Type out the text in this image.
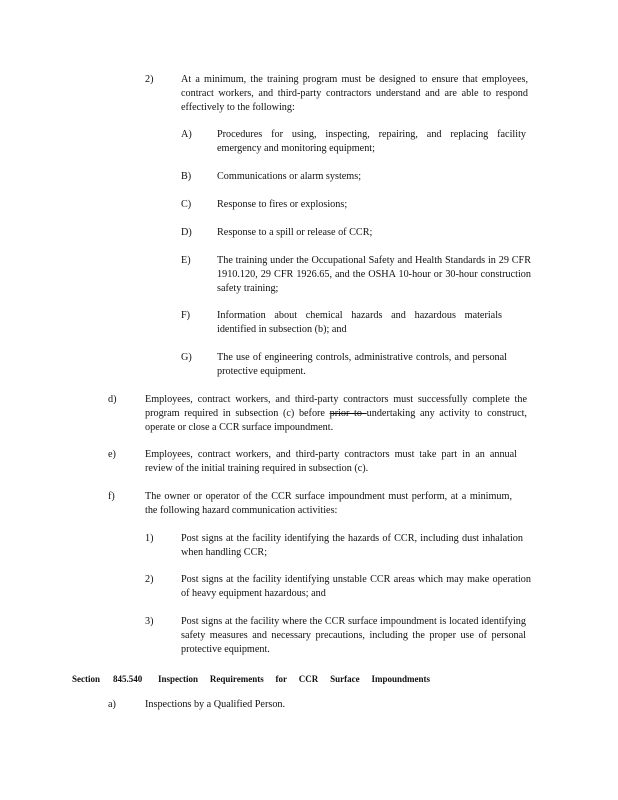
2)	At a minimum, the training program must be designed to ensure that employees, contract workers, and third-party contractors understand and are able to respond effectively to the following:
A) Procedures for using, inspecting, repairing, and replacing facility emergency and monitoring equipment;
B)	Communications or alarm systems;
C)	Response to fires or explosions;
D) Response to a spill or release of CCR;
E)	The training under the Occupational Safety and Health Standards in 29 CFR 1910.120, 29 CFR 1926.65, and the OSHA 10-hour or 30-hour construction safety training;
F)	Information about chemical hazards and hazardous materials identified in subsection (b); and
G) The use of engineering controls, administrative controls, and personal protective equipment.
d)	Employees, contract workers, and third-party contractors must successfully complete the program required in subsection (c) before prior to undertaking any activity to construct, operate or close a CCR surface impoundment.
e)	Employees, contract workers, and third-party contractors must take part in an annual review of the initial training required in subsection (c).
f)	The owner or operator of the CCR surface impoundment must perform, at a minimum, the following hazard communication activities:
1)	Post signs at the facility identifying the hazards of CCR, including dust inhalation when handling CCR;
2)	Post signs at the facility identifying unstable CCR areas which may make operation of heavy equipment hazardous; and
3)	Post signs at the facility where the CCR surface impoundment is located identifying safety measures and necessary precautions, including the proper use of personal protective equipment.
Section 845.540 Inspection Requirements for CCR Surface Impoundments
a)	Inspections by a Qualified Person.
